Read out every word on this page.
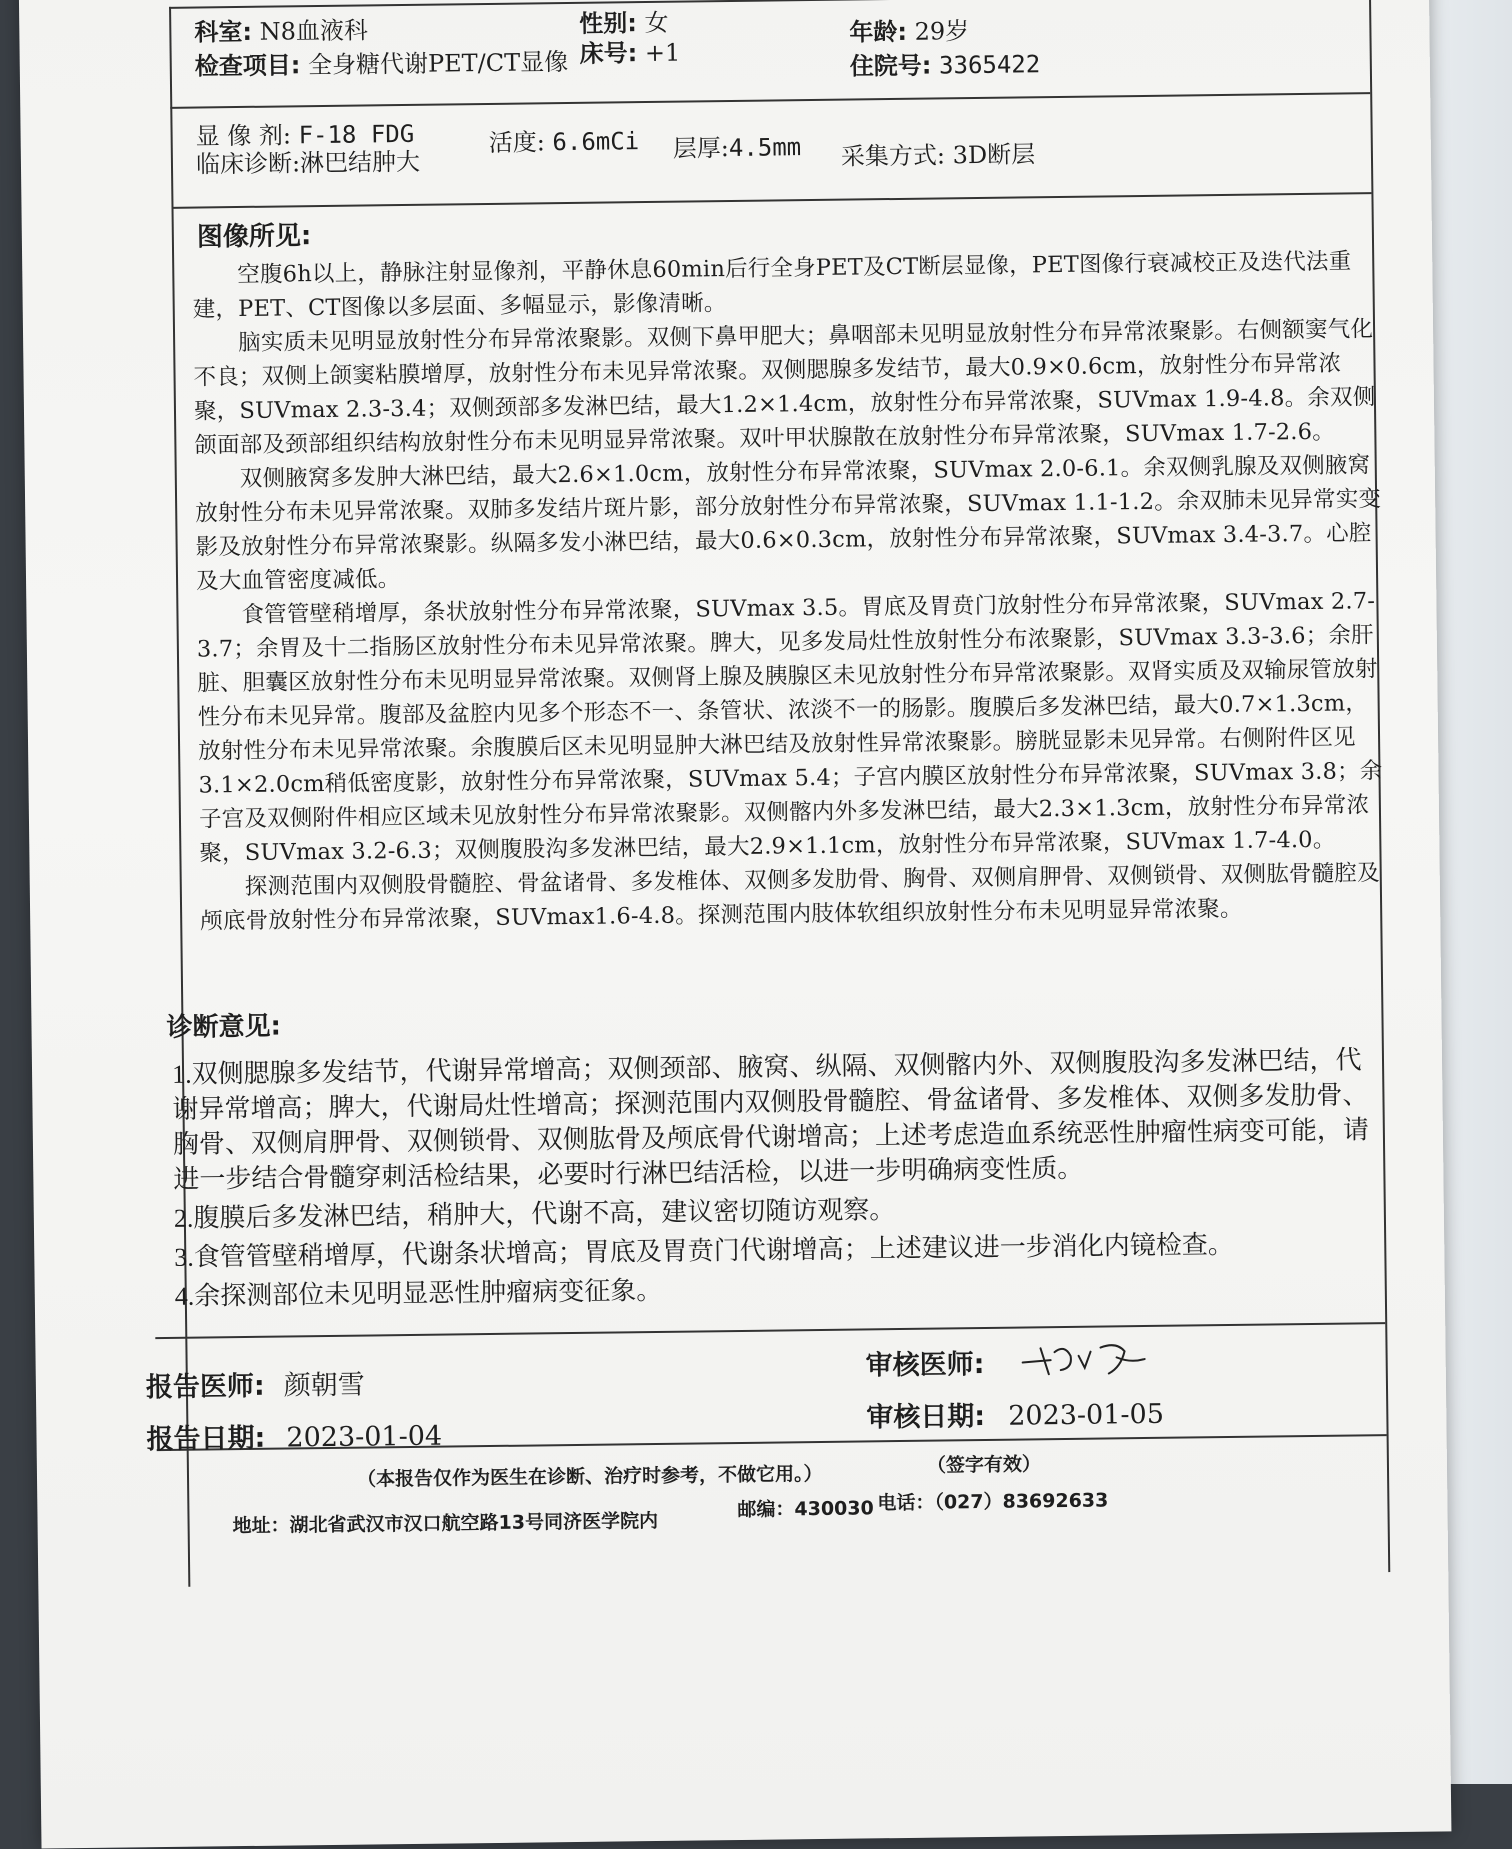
科室: N8血液科	性别: 女	年龄: 29岁
检查项目: 全身糖代谢PET/CT显像 床号: +1	住院号: 3365422
显 像 剂: F-18 FDG	活度: 6.6mCi 层厚:4.5mm 采集方式: 3D断层
临床诊断:淋巴结肿大
图像所见:

空腹6h以上，静脉注射显像剂，平静休息60min后行全身PET及CT断层显像，PET图像行衰减校正及迭代法重建，PET、CT图像以多层面、多幅显示，影像清晰。

脑实质未见明显放射性分布异常浓聚影。双侧下鼻甲肥大；鼻咽部未见明显放射性分布异常浓聚影。右侧额窦气化不良；双侧上颌窦粘膜增厚，放射性分布未见异常浓聚。双侧腮腺多发结节，最大0.9×0.6cm，放射性分布异常浓聚，SUVmax 2.3-3.4；双侧颈部多发淋巴结，最大1.2×1.4cm，放射性分布异常浓聚，SUVmax 1.9-4.8。余双侧颌面部及颈部组织结构放射性分布未见明显异常浓聚。双叶甲状腺散在放射性分布异常浓聚，SUVmax 1.7-2.6。

双侧腋窝多发肿大淋巴结，最大2.6×1.0cm，放射性分布异常浓聚，SUVmax 2.0-6.1。余双侧乳腺及双侧腋窝放射性分布未见异常浓聚。双肺多发结片斑片影，部分放射性分布异常浓聚，SUVmax 1.1-1.2。余双肺未见异常实变影及放射性分布异常浓聚影。纵隔多发小淋巴结，最大0.6×0.3cm，放射性分布异常浓聚，SUVmax 3.4-3.7。心腔及大血管密度减低。

食管管壁稍增厚，条状放射性分布异常浓聚，SUVmax 3.5。胃底及胃贲门放射性分布异常浓聚，SUVmax 2.7-3.7；余胃及十二指肠区放射性分布未见异常浓聚。脾大，见多发局灶性放射性分布浓聚影，SUVmax 3.3-3.6；余肝脏、胆囊区放射性分布未见明显异常浓聚。双侧肾上腺及胰腺区未见放射性分布异常浓聚影。双肾实质及双输尿管放射性分布未见异常。腹部及盆腔内见多个形态不一、条管状、浓淡不一的肠影。腹膜后多发淋巴结，最大0.7×1.3cm，放射性分布未见异常浓聚。余腹膜后区未见明显肿大淋巴结及放射性异常浓聚影。膀胱显影未见异常。右侧附件区见3.1×2.0cm稍低密度影，放射性分布异常浓聚，SUVmax 5.4；子宫内膜区放射性分布异常浓聚，SUVmax 3.8；余子宫及双侧附件相应区域未见放射性分布异常浓聚影。双侧髂内外多发淋巴结，最大2.3×1.3cm，放射性分布异常浓聚，SUVmax 3.2-6.3；双侧腹股沟多发淋巴结，最大2.9×1.1cm，放射性分布异常浓聚，SUVmax 1.7-4.0。

探测范围内双侧股骨髓腔、骨盆诸骨、多发椎体、双侧多发肋骨、胸骨、双侧肩胛骨、双侧锁骨、双侧肱骨髓腔及颅底骨放射性分布异常浓聚，SUVmax1.6-4.8。探测范围内肢体软组织放射性分布未见明显异常浓聚。

诊断意见:

1.双侧腮腺多发结节，代谢异常增高；双侧颈部、腋窝、纵隔、双侧髂内外、双侧腹股沟多发淋巴结，代谢异常增高；脾大，代谢局灶性增高；探测范围内双侧股骨髓腔、骨盆诸骨、多发椎体、双侧多发肋骨、胸骨、双侧肩胛骨、双侧锁骨、双侧肱骨及颅底骨代谢增高；上述考虑造血系统恶性肿瘤性病变可能，请进一步结合骨髓穿刺活检结果，必要时行淋巴结活检，以进一步明确病变性质。

2.腹膜后多发淋巴结，稍肿大，代谢不高，建议密切随访观察。

3.食管管壁稍增厚，代谢条状增高；胃底及胃贲门代谢增高；上述建议进一步消化内镜检查。

4.余探测部位未见明显恶性肿瘤病变征象。

审核医师:
报告医师: 颜朝雪
审核日期: 2023-01-05
报告日期: 2023-01-04
（本报告仅作为医生在诊断、治疗时参考，不做它用。）	（签字有效）
地址：湖北省武汉市汉口航空路13号同济医学院内
邮编：430030 电话：（027）83692633
